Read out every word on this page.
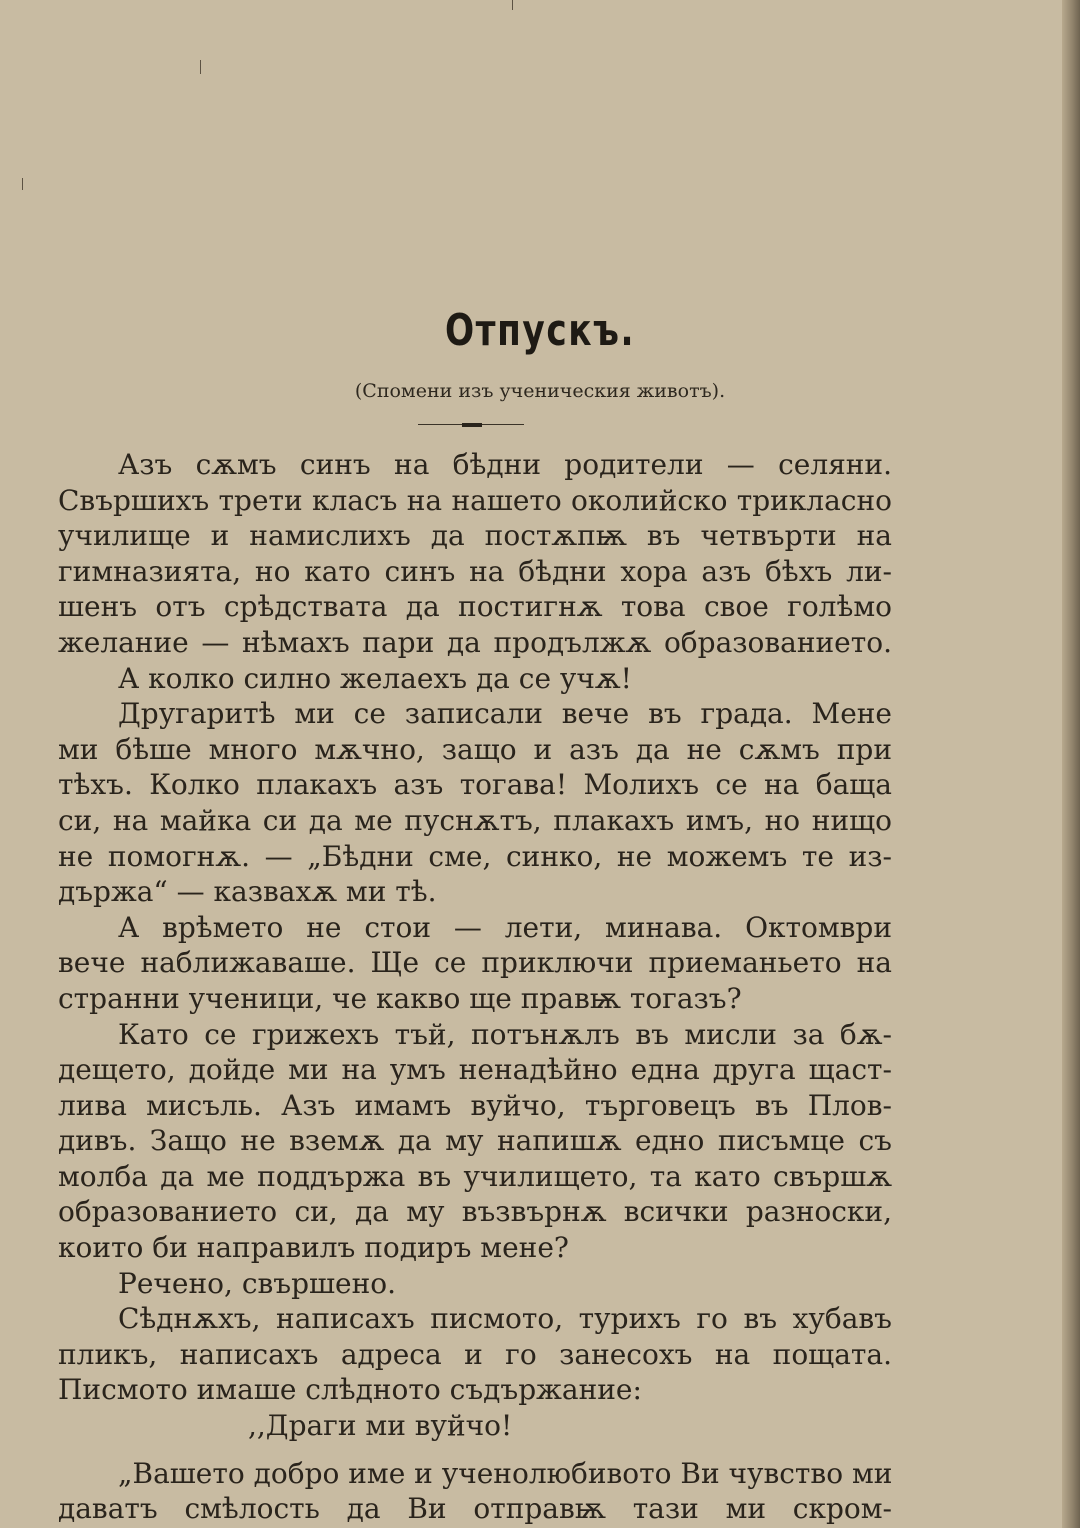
Отпускъ.
(Спомени изъ ученическия животъ).
Азъ сѫмъ синъ на бѣдни родители — селяни.
Свършихъ трети класъ на нашето околийско трикласно
училище и намислихъ да постѫпѭ въ четвърти на
гимназията, но като синъ на бѣдни хора азъ бѣхъ ли-
шенъ отъ срѣдствата да постигнѫ това свое голѣмо
желание — нѣмахъ пари да продължѫ образованието.
А колко силно желаехъ да се учѫ!
Другаритѣ ми се записали вече въ града. Мене
ми бѣше много мѫчно, защо и азъ да не сѫмъ при
тѣхъ. Колко плакахъ азъ тогава! Молихъ се на баща
си, на майка си да ме пуснѫтъ, плакахъ имъ, но нищо
не помогнѫ. — „Бѣдни сме, синко, не можемъ те из-
държа“ — казвахѫ ми тѣ.
А врѣмето не стои — лети, минава. Октомври
вече наближаваше. Ще се приключи приеманьето на
странни ученици, че какво ще правѭ тогазъ?
Като се грижехъ тъй, потънѫлъ въ мисли за бѫ-
дещето, дойде ми на умъ ненадѣйно една друга щаст-
лива мисъль. Азъ имамъ вуйчо, търговецъ въ Плов-
дивъ. Защо не вземѫ да му напишѫ едно писъмце съ
молба да ме поддържа въ училището, та като свършѫ
образованието си, да му възвърнѫ всички разноски,
които би направилъ подиръ мене?
Речено, свършено.
Сѣднѫхъ, написахъ писмото, турихъ го въ хубавъ
пликъ, написахъ адреса и го занесохъ на пощата.
Писмото имаше слѣдното съдържание:
,,Драги ми вуйчо!
„Вашето добро име и ученолюбивото Ви чувство ми
даватъ смѣлость да Ви отправѭ тази ми скром-
